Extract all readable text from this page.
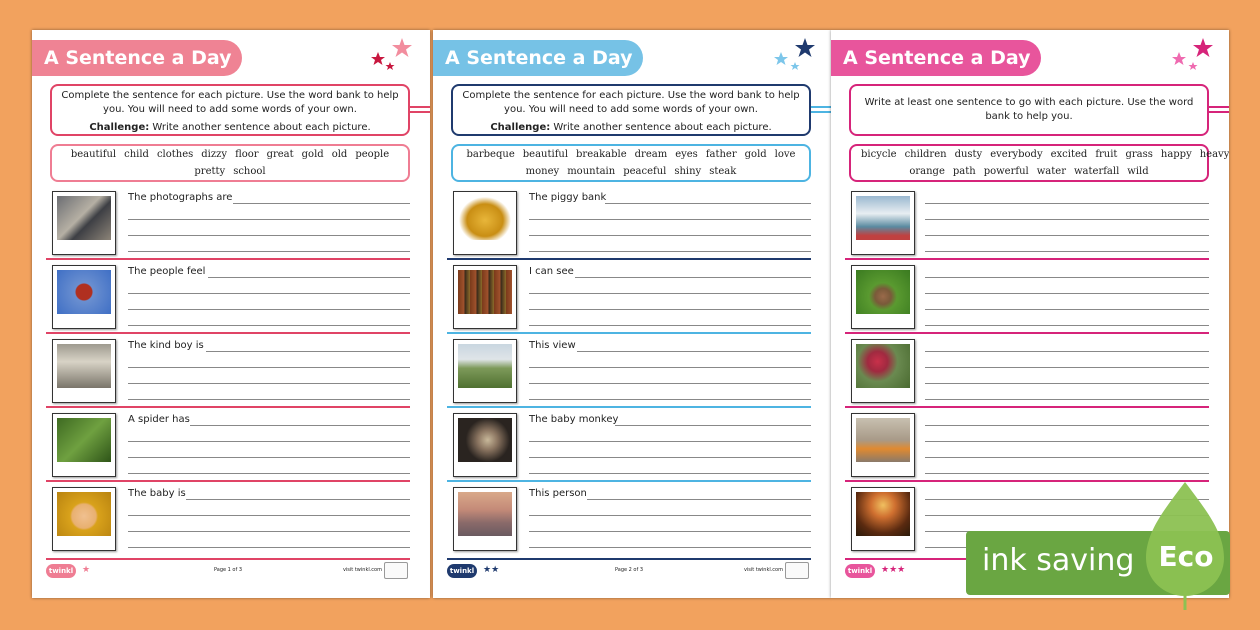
A Sentence a Day
Complete the sentence for each picture. Use the word bank to help you. You will need to add some words of your own.
Challenge: Write another sentence about each picture.
beautiful child clothes dizzy floor great gold old people
pretty school
The photographs are
The people feel
The kind boy is
A spider has
The baby is
twinkl ★	Page 1 of 3	visit twinkl.com
A Sentence a Day
Complete the sentence for each picture. Use the word bank to help you. You will need to add some words of your own.
Challenge: Write another sentence about each picture.
barbeque beautiful breakable dream eyes father gold love
money mountain peaceful shiny steak
The piggy bank
I can see
This view
The baby monkey
This person
twinkl ★★	Page 2 of 3	visit twinkl.com
A Sentence a Day
Write at least one sentence to go with each picture. Use the word bank to help you.
bicycle children dusty everybody excited fruit grass happy heavy
orange path powerful water waterfall wild
twinkl ★★★	ink saving Eco
